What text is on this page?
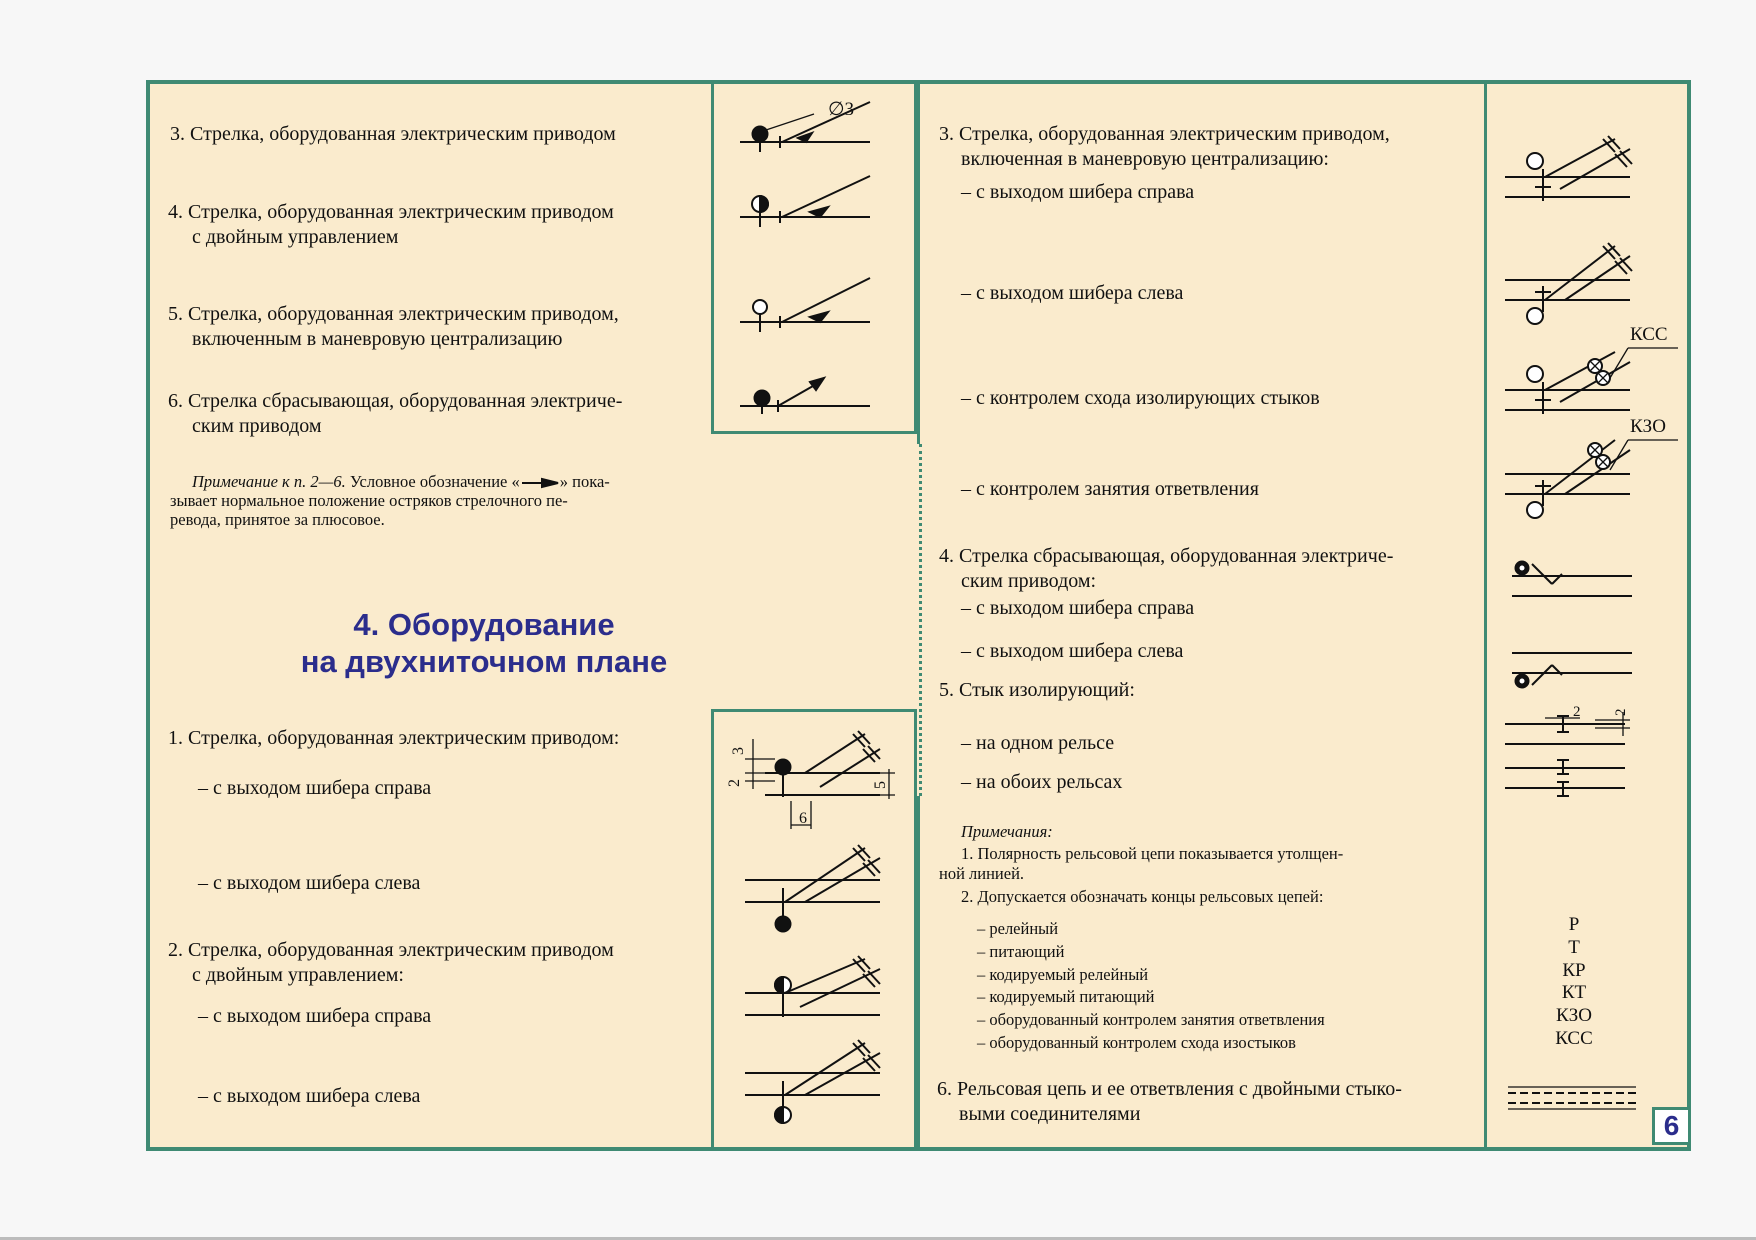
3. Стрелка, оборудованная электрическим приводом
4. Стрелка, оборудованная электрическим приводом
с двойным управлением
5. Стрелка, оборудованная электрическим приводом,
включенным в маневровую централизацию
6. Стрелка сбрасывающая, оборудованная электриче-
ским приводом
Примечание к п. 2—6. Условное обозначение « » пока-
зывает нормальное положение остряков стрелочного пе-
ревода, принятое за плюсовое.
4. Оборудование
на двухниточном плане
1. Стрелка, оборудованная электрическим приводом:
– с выходом шибера справа
– с выходом шибера слева
2. Стрелка, оборудованная электрическим приводом
с двойным управлением:
– с выходом шибера справа
– с выходом шибера слева
∅3
3
2	5
6
3. Стрелка, оборудованная электрическим приводом,
включенная в маневровую централизацию:
– с выходом шибера справа
– с выходом шибера слева
– с контролем схода изолирующих стыков
– с контролем занятия ответвления
4. Стрелка сбрасывающая, оборудованная электриче-
ским приводом:
– с выходом шибера справа
– с выходом шибера слева
5. Стык изолирующий:
– на одном рельсе
– на обоих рельсах
Примечания:
1. Полярность рельсовой цепи показывается утолщен-
ной линией.
2. Допускается обозначать концы рельсовых цепей:
– релейный
– питающий
– кодируемый релейный
– кодируемый питающий
– оборудованный контролем занятия ответвления
– оборудованный контролем схода изостыков
6. Рельсовая цепь и ее ответвления с двойными стыко-
выми соединителями
КСС
КЗО
2 2
Р
Т
КР
КТ
КЗО
КСС
6
